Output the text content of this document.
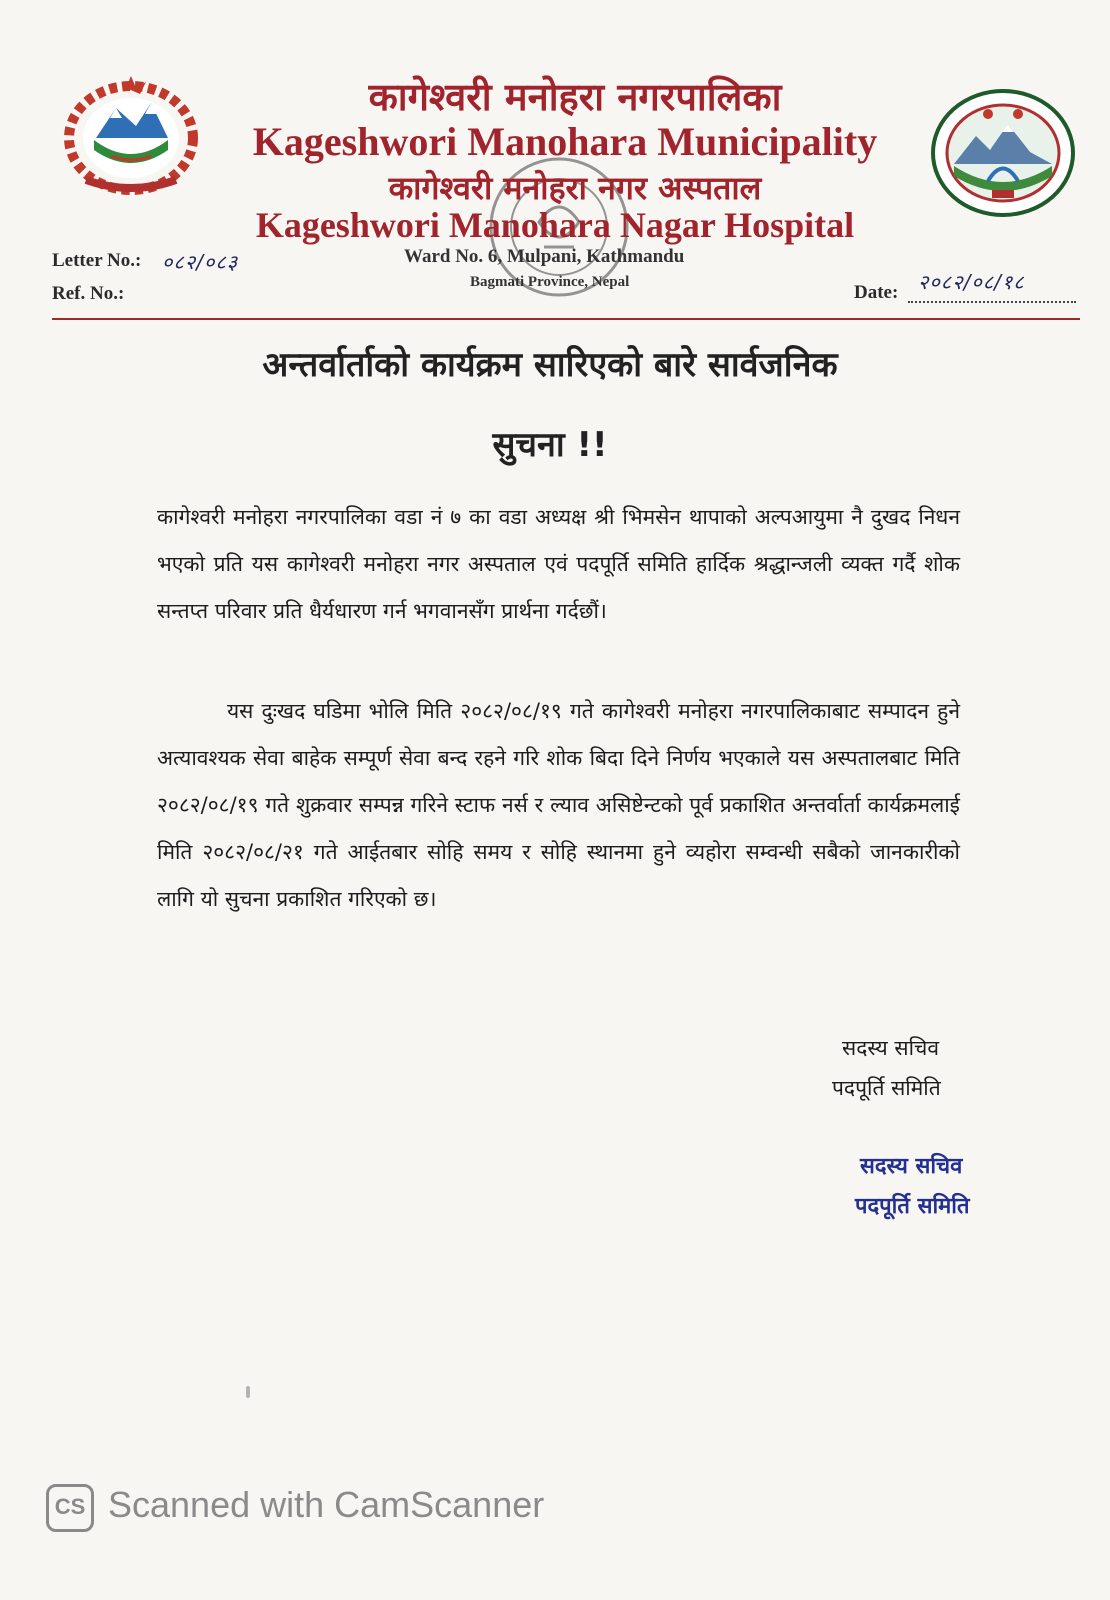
कागेश्वरी मनोहरा नगरपालिका
Kageshwori Manohara Municipality
कागेश्वरी मनोहरा नगर अस्पताल
Kageshwori Manohara Nagar Hospital
Ward No. 6, Mulpani, Kathmandu
Bagmati Province, Nepal
Letter No.: ०८२/०८३
Ref. No.:	Date: २०८२/०८/१८
अन्तर्वार्ताको कार्यक्रम सारिएको बारे सार्वजनिक
सुचना !!

कागेश्वरी मनोहरा नगरपालिका वडा नं ७ का वडा अध्यक्ष श्री भिमसेन थापाको अल्पआयुमा नै दुखद निधन भएको प्रति यस कागेश्वरी मनोहरा नगर अस्पताल एवं पदपूर्ति समिति हार्दिक श्रद्धान्जली व्यक्त गर्दै शोक सन्तप्त परिवार प्रति धैर्यधारण गर्न भगवानसँग प्रार्थना गर्दछौं।

यस दुःखद घडिमा भोलि मिति २०८२/०८/१९ गते कागेश्वरी मनोहरा नगरपालिकाबाट सम्पादन हुने अत्यावश्यक सेवा बाहेक सम्पूर्ण सेवा बन्द रहने गरि शोक बिदा दिने निर्णय भएकाले यस अस्पतालबाट मिति २०८२/०८/१९ गते शुक्रवार सम्पन्न गरिने स्टाफ नर्स र ल्याव असिष्टेन्टको पूर्व प्रकाशित अन्तर्वार्ता कार्यक्रमलाई मिति २०८२/०८/२१ गते आईतबार सोहि समय र सोहि स्थानमा हुने व्यहोरा सम्वन्धी सबैको जानकारीको लागि यो सुचना प्रकाशित गरिएको छ।

सदस्य सचिव
पदपूर्ति समिति
सदस्य सचिव
पदपूर्ति समिति
CS Scanned with CamScanner
